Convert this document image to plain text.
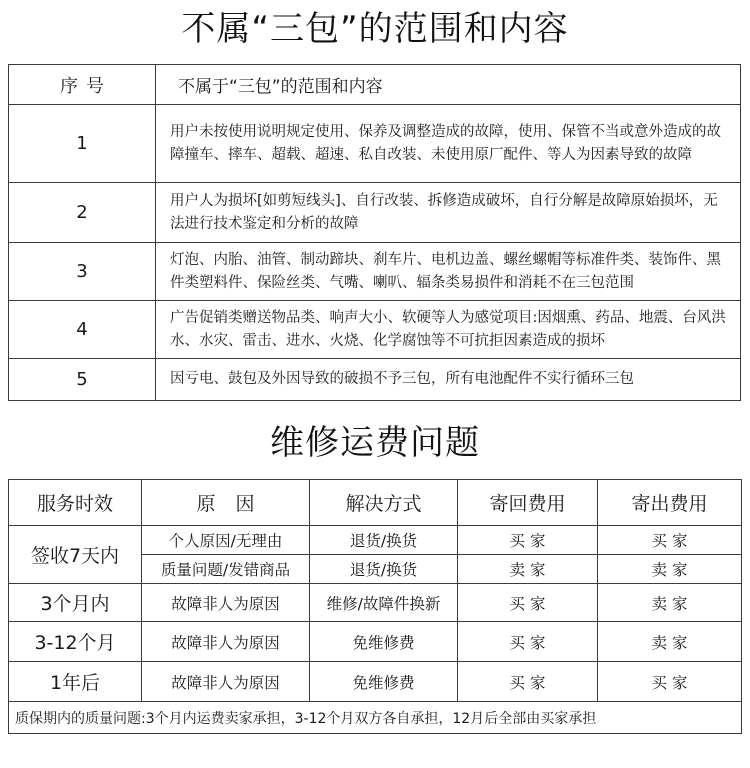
不属“三包”的范围和内容
序号	不属于“三包”的范围和内容
1	用户未按使用说明规定使用、保养及调整造成的故障，使用、保管不当或意外造成的故障撞车、摔车、超载、超速、私自改装、未使用原厂配件、等人为因素导致的故障
2	用户人为损坏[如剪短线头]、自行改装、拆修造成破坏，自行分解是故障原始损坏，无法进行技术鉴定和分析的故障
3	灯泡、内胎、油管、制动蹄块、刹车片、电机边盖、螺丝螺帽等标准件类、装饰件、黑件类塑料件、保险丝类、气嘴、喇叭、辐条类易损件和消耗不在三包范围
4	广告促销类赠送物品类、响声大小、软硬等人为感觉项目:因烟熏、药品、地震、台风洪水、水灾、雷击、进水、火烧、化学腐蚀等不可抗拒因素造成的损坏
5	因亏电、鼓包及外因导致的破损不予三包，所有电池配件不实行循环三包
维修运费问题
服务时效	原 因	解决方式	寄回费用	寄出费用
签收7天内	个人原因/无理由	退货/换货	买 家	买 家
	质量问题/发错商品	退货/换货	卖 家	卖 家
3个月内	故障非人为原因	维修/故障件换新	买 家	卖 家
3-12个月	故障非人为原因	免维修费	买 家	卖 家
1年后	故障非人为原因	免维修费	买 家	买 家
质保期内的质量问题:3个月内运费卖家承担，3-12个月双方各自承担，12月后全部由买家承担				
